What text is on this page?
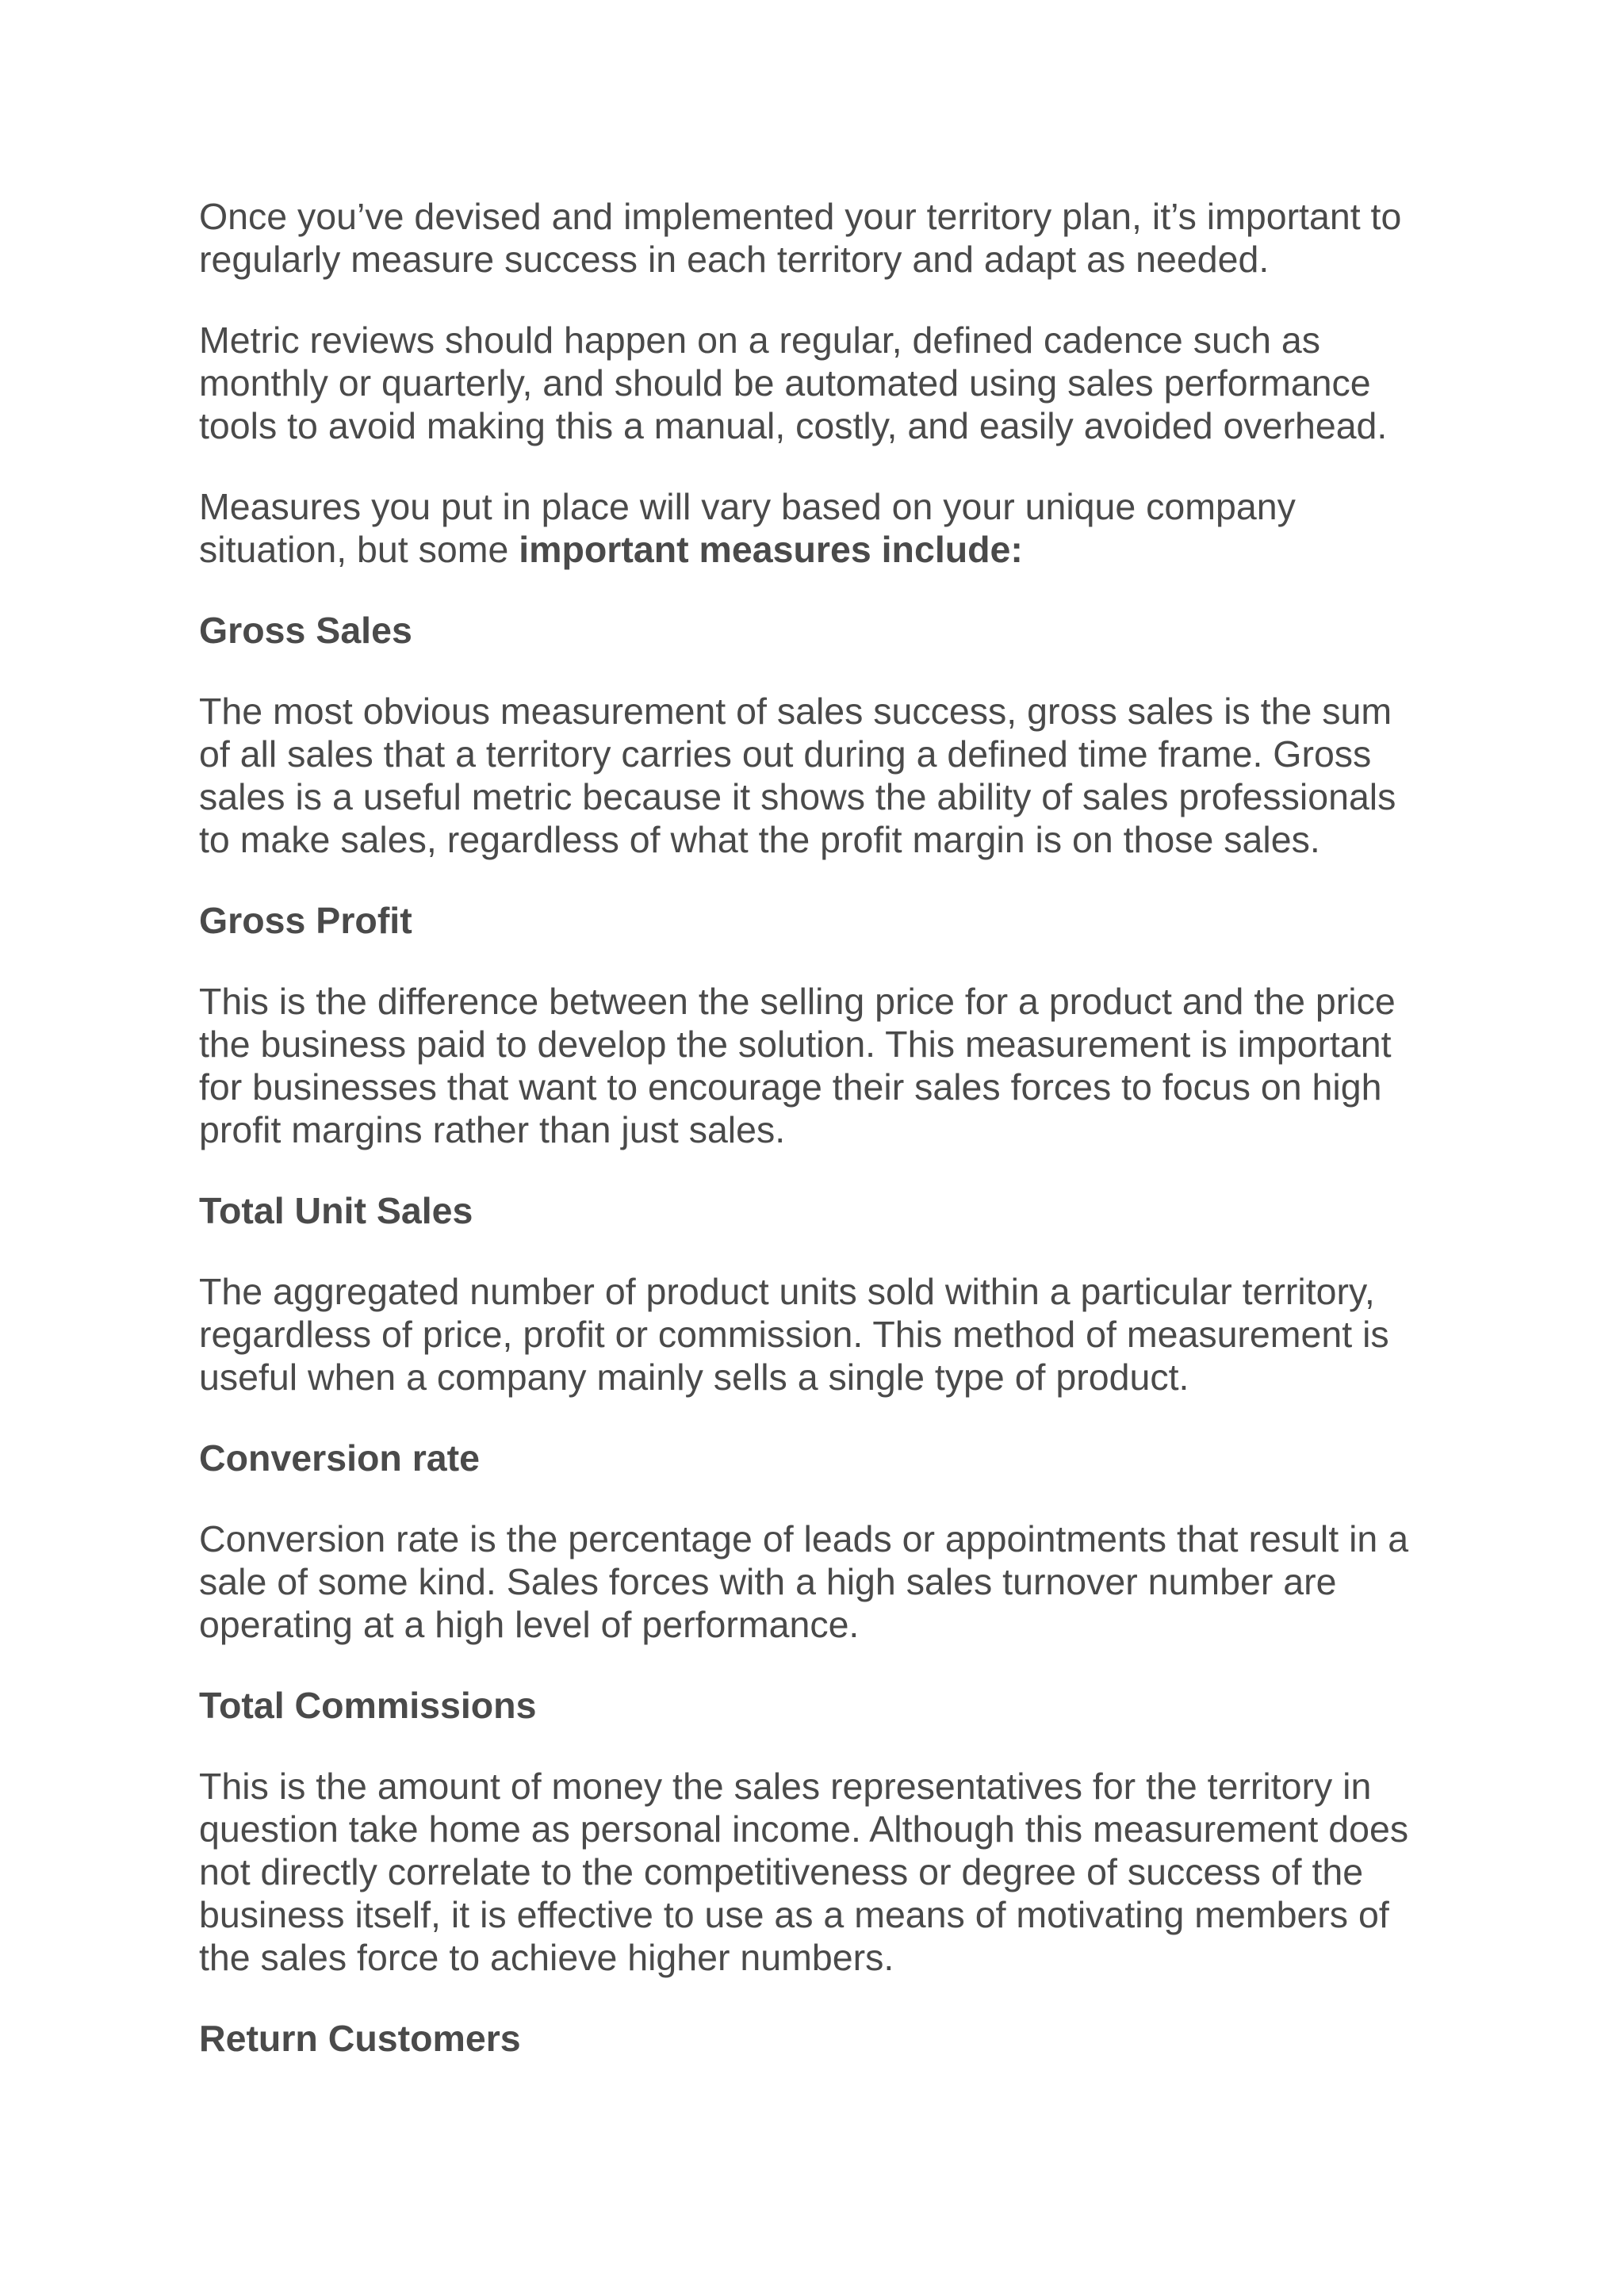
Once you’ve devised and implemented your territory plan, it’s important to
regularly measure success in each territory and adapt as needed.

Metric reviews should happen on a regular, defined cadence such as
monthly or quarterly, and should be automated using sales performance
tools to avoid making this a manual, costly, and easily avoided overhead.

Measures you put in place will vary based on your unique company
situation, but some important measures include:

Gross Sales

The most obvious measurement of sales success, gross sales is the sum
of all sales that a territory carries out during a defined time frame. Gross
sales is a useful metric because it shows the ability of sales professionals
to make sales, regardless of what the profit margin is on those sales.

Gross Profit

This is the difference between the selling price for a product and the price
the business paid to develop the solution. This measurement is important
for businesses that want to encourage their sales forces to focus on high
profit margins rather than just sales.

Total Unit Sales

The aggregated number of product units sold within a particular territory,
regardless of price, profit or commission. This method of measurement is
useful when a company mainly sells a single type of product.

Conversion rate

Conversion rate is the percentage of leads or appointments that result in a
sale of some kind. Sales forces with a high sales turnover number are
operating at a high level of performance.

Total Commissions

This is the amount of money the sales representatives for the territory in
question take home as personal income. Although this measurement does
not directly correlate to the competitiveness or degree of success of the
business itself, it is effective to use as a means of motivating members of
the sales force to achieve higher numbers.

Return Customers
